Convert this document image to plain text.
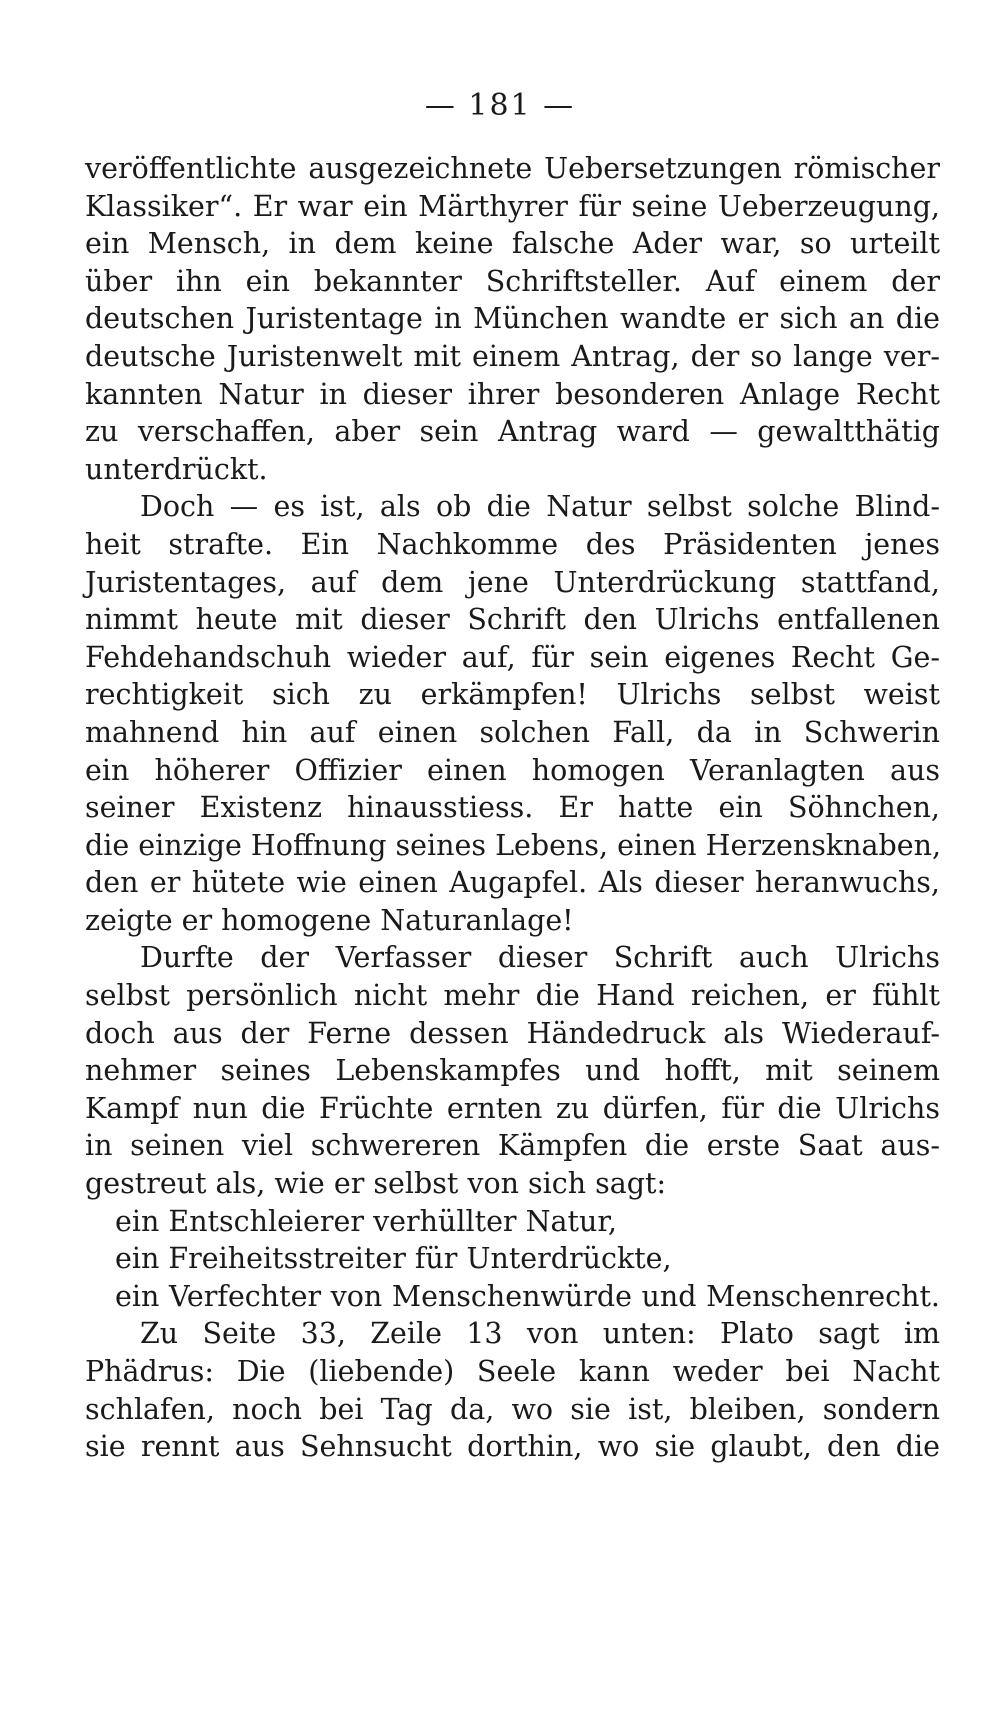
— 181 —
veröffentlichte ausgezeichnete Uebersetzungen römischer
Klassiker“. Er war ein Märthyrer für seine Ueberzeugung,
ein Mensch, in dem keine falsche Ader war, so urteilt
über ihn ein bekannter Schriftsteller. Auf einem der
deutschen Juristentage in München wandte er sich an die
deutsche Juristenwelt mit einem Antrag, der so lange ver-
kannten Natur in dieser ihrer besonderen Anlage Recht
zu verschaffen, aber sein Antrag ward — gewaltthätig
unterdrückt.
Doch — es ist, als ob die Natur selbst solche Blind-
heit strafte. Ein Nachkomme des Präsidenten jenes
Juristentages, auf dem jene Unterdrückung stattfand,
nimmt heute mit dieser Schrift den Ulrichs entfallenen
Fehdehandschuh wieder auf, für sein eigenes Recht Ge-
rechtigkeit sich zu erkämpfen! Ulrichs selbst weist
mahnend hin auf einen solchen Fall, da in Schwerin
ein höherer Offizier einen homogen Veranlagten aus
seiner Existenz hinausstiess. Er hatte ein Söhnchen,
die einzige Hoffnung seines Lebens, einen Herzensknaben,
den er hütete wie einen Augapfel. Als dieser heranwuchs,
zeigte er homogene Naturanlage!
Durfte der Verfasser dieser Schrift auch Ulrichs
selbst persönlich nicht mehr die Hand reichen, er fühlt
doch aus der Ferne dessen Händedruck als Wiederauf-
nehmer seines Lebenskampfes und hofft, mit seinem
Kampf nun die Früchte ernten zu dürfen, für die Ulrichs
in seinen viel schwereren Kämpfen die erste Saat aus-
gestreut als, wie er selbst von sich sagt:
ein Entschleierer verhüllter Natur,
ein Freiheitsstreiter für Unterdrückte,
ein Verfechter von Menschenwürde und Menschenrecht.
Zu Seite 33, Zeile 13 von unten: Plato sagt im
Phädrus: Die (liebende) Seele kann weder bei Nacht
schlafen, noch bei Tag da, wo sie ist, bleiben, sondern
sie rennt aus Sehnsucht dorthin, wo sie glaubt, den die
